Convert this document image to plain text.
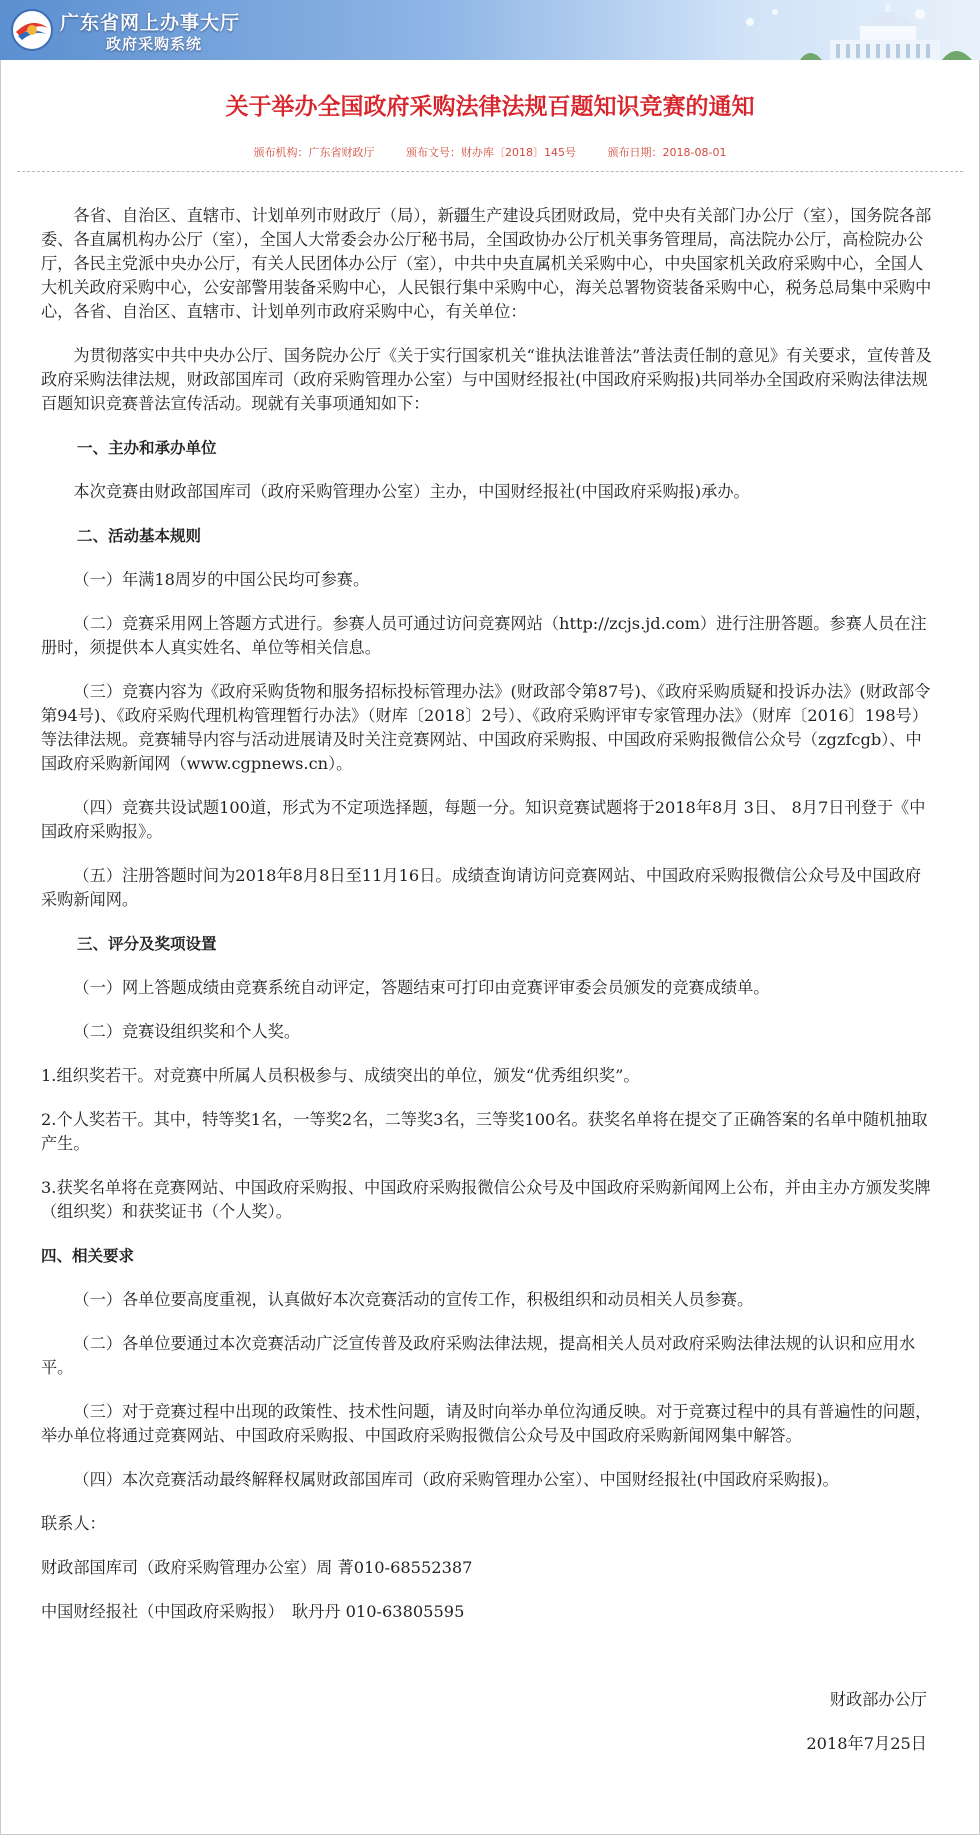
广东省网上办事大厅
政府采购系统
关于举办全国政府采购法律法规百题知识竞赛的通知
颁布机构：广东省财政厅	颁布文号：财办库〔2018〕145号	颁布日期：2018-08-01

各省、自治区、直辖市、计划单列市财政厅（局），新疆生产建设兵团财政局，党中央有关部门办公厅（室），国务院各部委、各直属机构办公厅（室），全国人大常委会办公厅秘书局，全国政协办公厅机关事务管理局，高法院办公厅，高检院办公厅，各民主党派中央办公厅，有关人民团体办公厅（室），中共中央直属机关采购中心，中央国家机关政府采购中心，全国人大机关政府采购中心，公安部警用装备采购中心，人民银行集中采购中心，海关总署物资装备采购中心，税务总局集中采购中心，各省、自治区、直辖市、计划单列市政府采购中心，有关单位：

为贯彻落实中共中央办公厅、国务院办公厅《关于实行国家机关“谁执法谁普法”普法责任制的意见》有关要求，宣传普及政府采购法律法规，财政部国库司（政府采购管理办公室）与中国财经报社(中国政府采购报)共同举办全国政府采购法律法规百题知识竞赛普法宣传活动。现就有关事项通知如下：

一、主办和承办单位

本次竞赛由财政部国库司（政府采购管理办公室）主办，中国财经报社(中国政府采购报)承办。

二、活动基本规则

（一）年满18周岁的中国公民均可参赛。

（二）竞赛采用网上答题方式进行。参赛人员可通过访问竞赛网站（http://zcjs.jd.com）进行注册答题。参赛人员在注册时，须提供本人真实姓名、单位等相关信息。

（三）竞赛内容为《政府采购货物和服务招标投标管理办法》(财政部令第87号)、《政府采购质疑和投诉办法》(财政部令第94号)、《政府采购代理机构管理暂行办法》（财库〔2018〕2号）、《政府采购评审专家管理办法》（财库〔2016〕198号）等法律法规。竞赛辅导内容与活动进展请及时关注竞赛网站、中国政府采购报、中国政府采购报微信公众号（zgzfcgb）、中国政府采购新闻网（www.cgpnews.cn）。

（四）竞赛共设试题100道，形式为不定项选择题，每题一分。知识竞赛试题将于2018年8月 3日、 8月7日刊登于《中国政府采购报》。

（五）注册答题时间为2018年8月8日至11月16日。成绩查询请访问竞赛网站、中国政府采购报微信公众号及中国政府采购新闻网。

三、评分及奖项设置

（一）网上答题成绩由竞赛系统自动评定，答题结束可打印由竞赛评审委会员颁发的竞赛成绩单。

（二）竞赛设组织奖和个人奖。

1.组织奖若干。对竞赛中所属人员积极参与、成绩突出的单位，颁发“优秀组织奖”。

2.个人奖若干。其中，特等奖1名，一等奖2名，二等奖3名，三等奖100名。获奖名单将在提交了正确答案的名单中随机抽取产生。

3.获奖名单将在竞赛网站、中国政府采购报、中国政府采购报微信公众号及中国政府采购新闻网上公布，并由主办方颁发奖牌（组织奖）和获奖证书（个人奖）。

四、相关要求

（一）各单位要高度重视，认真做好本次竞赛活动的宣传工作，积极组织和动员相关人员参赛。

（二）各单位要通过本次竞赛活动广泛宣传普及政府采购法律法规，提高相关人员对政府采购法律法规的认识和应用水平。

（三）对于竞赛过程中出现的政策性、技术性问题，请及时向举办单位沟通反映。对于竞赛过程中的具有普遍性的问题，举办单位将通过竞赛网站、中国政府采购报、中国政府采购报微信公众号及中国政府采购新闻网集中解答。

（四）本次竞赛活动最终解释权属财政部国库司（政府采购管理办公室）、中国财经报社(中国政府采购报)。

联系人：

财政部国库司（政府采购管理办公室）周 菁010-68552387

中国财经报社（中国政府采购报）　耿丹丹 010-63805595

财政部办公厅

2018年7月25日
